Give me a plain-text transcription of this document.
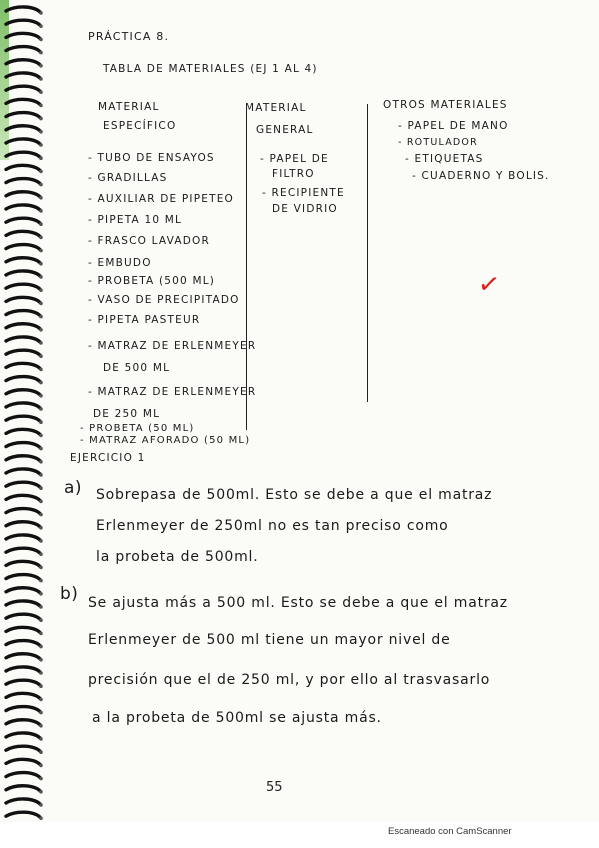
PRÁCTICA 8.
TABLA DE MATERIALES (EJ 1 AL 4)
MATERIAL
ESPECÍFICO
MATERIAL
GENERAL
OTROS MATERIALES
- TUBO DE ENSAYOS
- GRADILLAS
- AUXILIAR DE PIPETEO
- PIPETA 10 ML
- FRASCO LAVADOR
- EMBUDO
- PROBETA (500 ML)
- VASO DE PRECIPITADO
- PIPETA PASTEUR
- MATRAZ DE ERLENMEYER
DE 500 ML
- MATRAZ DE ERLENMEYER
DE 250 ML
- PROBETA (50 ML)
- MATRAZ AFORADO (50 ML)
- PAPEL DE
FILTRO
- RECIPIENTE
DE VIDRIO
- PAPEL DE MANO
- ROTULADOR
- ETIQUETAS
- CUADERNO Y BOLIS.
✓
EJERCICIO 1
a) Sobrepasa de 500ml. Esto se debe a que el matraz
Erlenmeyer de 250ml no es tan preciso como
la probeta de 500ml.
b) Se ajusta más a 500 ml. Esto se debe a que el matraz
Erlenmeyer de 500 ml tiene un mayor nivel de
precisión que el de 250 ml, y por ello al trasvasarlo
a la probeta de 500ml se ajusta más.
55
Escaneado con CamScanner
